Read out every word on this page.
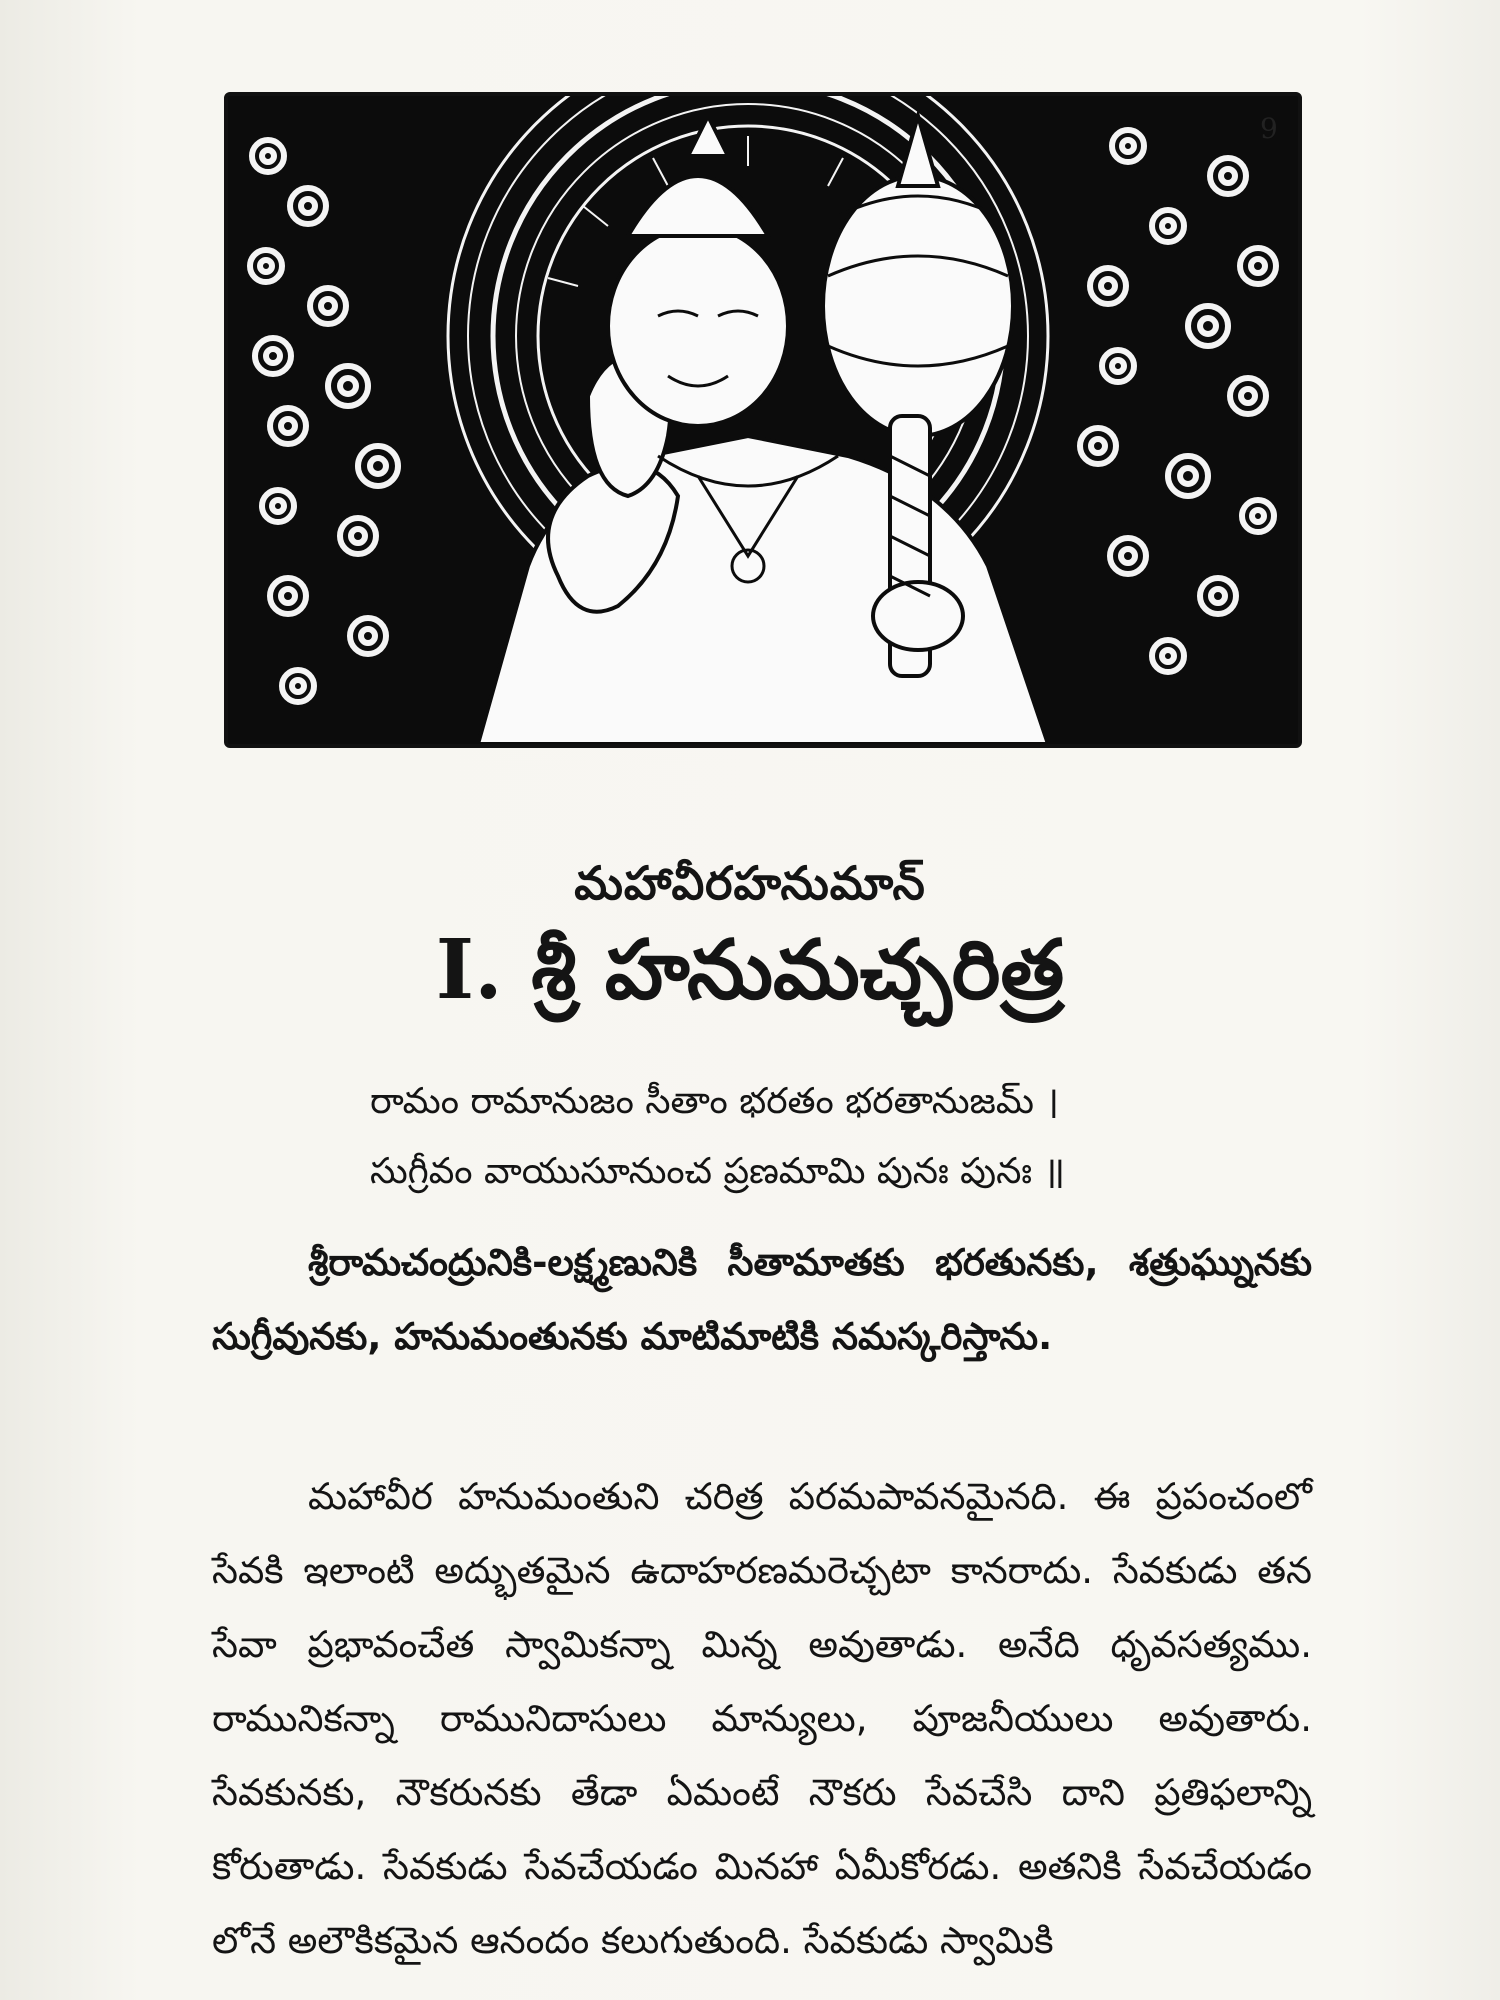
9
మహావీరహనుమాన్
I. శ్రీ హనుమచ్చరిత్ర
రామం రామానుజం సీతాం భరతం భరతానుజమ్ ।
సుగ్రీవం వాయుసూనుంచ ప్రణమామి పునః పునః ॥
శ్రీరామచంద్రునికి-లక్ష్మణునికి సీతామాతకు భరతునకు, శత్రుఘ్నునకు సుగ్రీవునకు, హనుమంతునకు మాటిమాటికి నమస్కరిస్తాను.
మహావీర హనుమంతుని చరిత్ర పరమపావనమైనది. ఈ ప్రపంచంలో సేవకి ఇలాంటి అద్భుతమైన ఉదాహరణమరెచ్చటా కానరాదు. సేవకుడు తన సేవా ప్రభావంచేత స్వామికన్నా మిన్న అవుతాడు. అనేది ధృవసత్యము. రామునికన్నా రామునిదాసులు మాన్యులు, పూజనీయులు అవుతారు. సేవకునకు, నౌకరునకు తేడా ఏమంటే నౌకరు సేవచేసి దాని ప్రతిఫలాన్ని కోరుతాడు. సేవకుడు సేవచేయడం మినహా ఏమీకోరడు. అతనికి సేవచేయడం లోనే అలౌకికమైన ఆనందం కలుగుతుంది. సేవకుడు స్వామికి
